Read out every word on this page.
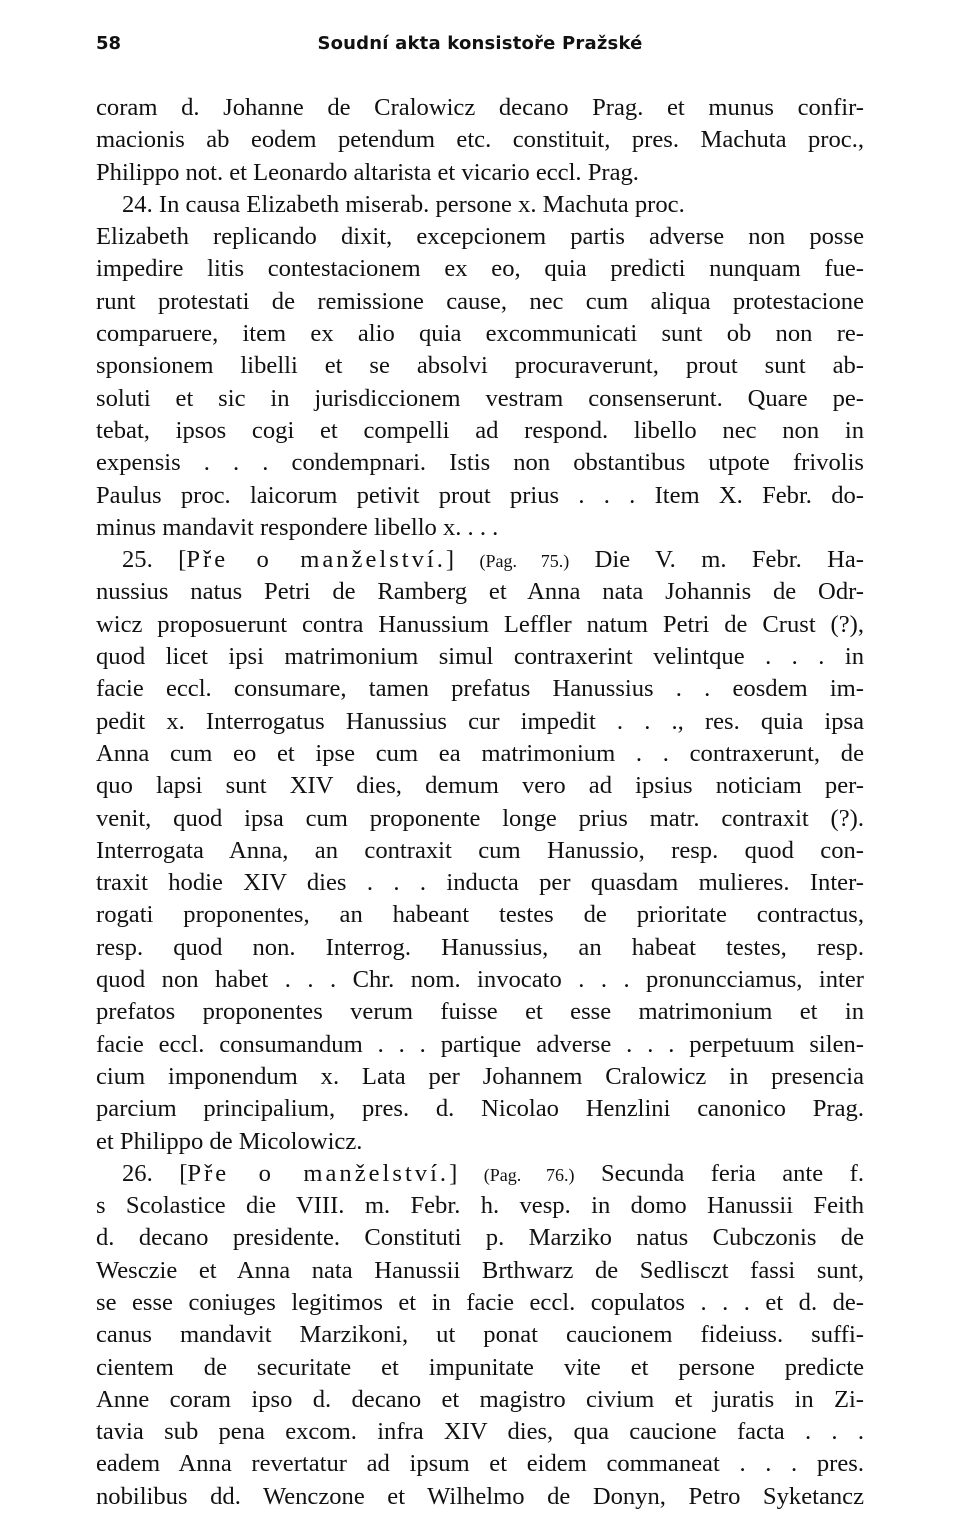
58	Soudní akta konsistoře Pražské
coram d. Johanne de Cralowicz decano Prag. et munus confir-
macionis ab eodem petendum etc. constituit, pres. Machuta proc.,
Philippo not. et Leonardo altarista et vicario eccl. Prag.
24. In causa Elizabeth miserab. persone x. Machuta proc.
Elizabeth replicando dixit, excepcionem partis adverse non posse
impedire litis contestacionem ex eo, quia predicti nunquam fue-
runt protestati de remissione cause, nec cum aliqua protestacione
comparuere, item ex alio quia excommunicati sunt ob non re-
sponsionem libelli et se absolvi procuraverunt, prout sunt ab-
soluti et sic in jurisdiccionem vestram consenserunt. Quare pe-
tebat, ipsos cogi et compelli ad respond. libello nec non in
expensis . . . condempnari. Istis non obstantibus utpote frivolis
Paulus proc. laicorum petivit prout prius . . . Item X. Febr. do-
minus mandavit respondere libello x. . . .
25. [Pře o manželství.] (Pag. 75.) Die V. m. Febr. Ha-
nussius natus Petri de Ramberg et Anna nata Johannis de Odr-
wicz proposuerunt contra Hanussium Leffler natum Petri de Crust (?),
quod licet ipsi matrimonium simul contraxerint velintque . . . in
facie eccl. consumare, tamen prefatus Hanussius . . eosdem im-
pedit x. Interrogatus Hanussius cur impedit . . ., res. quia ipsa
Anna cum eo et ipse cum ea matrimonium . . contraxerunt, de
quo lapsi sunt XIV dies, demum vero ad ipsius noticiam per-
venit, quod ipsa cum proponente longe prius matr. contraxit (?).
Interrogata Anna, an contraxit cum Hanussio, resp. quod con-
traxit hodie XIV dies . . . inducta per quasdam mulieres. Inter-
rogati proponentes, an habeant testes de prioritate contractus,
resp. quod non. Interrog. Hanussius, an habeat testes, resp.
quod non habet . . . Chr. nom. invocato . . . pronuncciamus, inter
prefatos proponentes verum fuisse et esse matrimonium et in
facie eccl. consumandum . . . partique adverse . . . perpetuum silen-
cium imponendum x. Lata per Johannem Cralowicz in presencia
parcium principalium, pres. d. Nicolao Henzlini canonico Prag.
et Philippo de Micolowicz.
26. [Pře o manželství.] (Pag. 76.) Secunda feria ante f.
s Scolastice die VIII. m. Febr. h. vesp. in domo Hanussii Feith
d. decano presidente. Constituti p. Marziko natus Cubczonis de
Wesczie et Anna nata Hanussii Brthwarz de Sedlisczt fassi sunt,
se esse coniuges legitimos et in facie eccl. copulatos . . . et d. de-
canus mandavit Marzikoni, ut ponat caucionem fideiuss. suffi-
cientem de securitate et impunitate vite et persone predicte
Anne coram ipso d. decano et magistro civium et juratis in Zi-
tavia sub pena excom. infra XIV dies, qua caucione facta . . .
eadem Anna revertatur ad ipsum et eidem commaneat . . . pres.
nobilibus dd. Wenczone et Wilhelmo de Donyn, Petro Syketancz
